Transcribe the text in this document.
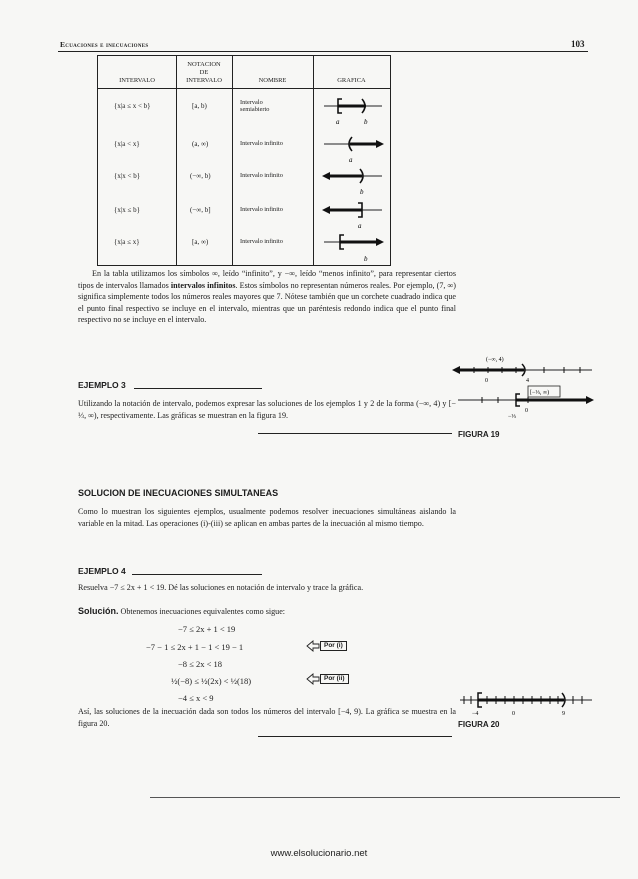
Ecuaciones e inecuaciones	103
INTERVALO
NOTACION
DE
INTERVALO	NOMBRE	GRAFICA
{x|a ≤ x < b}	[a, b)	Intervalo
semiabierto
a	b
{x|a < x}	(a, ∞)	Intervalo infinito
a
{x|x < b}	(−∞, b)	Intervalo infinito
b
{x|x ≤ b}	(−∞, b]	Intervalo infinito
a
{x|a ≤ x}	[a, ∞)	Intervalo infinito
b
En la tabla utilizamos los símbolos ∞, leído “infinito”, y −∞, leído “menos infinito”, para representar ciertos tipos de intervalos llamados intervalos infinitos. Estos símbolos no representan números reales. Por ejemplo, (7, ∞) significa simplemente todos los números reales mayores que 7. Nótese también que un corchete cuadrado indica que el punto final respectivo se incluye en el intervalo, mientras que un paréntesis redondo indica que el punto final respectivo no se incluye en el intervalo.
EJEMPLO 3
Utilizando la notación de intervalo, podemos expresar las soluciones de los ejemplos 1 y 2 de la forma (−∞, 4) y [− ⅓, ∞), respectivamente. Las gráficas se muestran en la figura 19.
(−∞, 4)
0	4
[−⅓, ∞)
0
−⅓
FIGURA 19
SOLUCION DE INECUACIONES SIMULTANEAS
Como lo muestran los siguientes ejemplos, usualmente podemos resolver inecuaciones simultáneas aislando la variable en la mitad. Las operaciones (i)-(iii) se aplican en ambas partes de la inecuación al mismo tiempo.
EJEMPLO 4
Resuelva −7 ≤ 2x + 1 < 19. Dé las soluciones en notación de intervalo y trace la gráfica.
Solución. Obtenemos inecuaciones equivalentes como sigue:
−7 ≤ 2x + 1 < 19
−7 − 1 ≤ 2x + 1 − 1 < 19 − 1
−8 ≤ 2x < 18
½(−8) ≤ ½(2x) < ½(18)
−4 ≤ x < 9
Por (i)
Por (ii)
Así, las soluciones de la inecuación dada son todos los números del intervalo [−4, 9). La gráfica se muestra en la figura 20.
−4	0	9
FIGURA 20
www.elsolucionario.net
